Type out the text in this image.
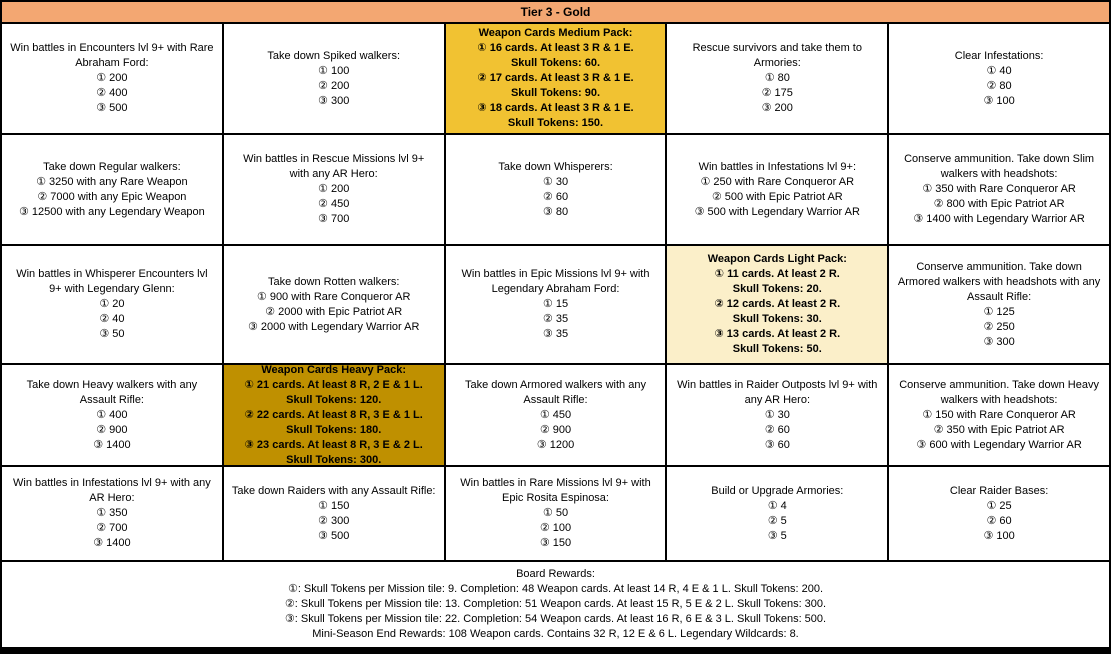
Tier 3 - Gold
Win battles in Encounters lvl 9+ with Rare Abraham Ford:
① 200
② 400
③ 500
Take down Spiked walkers:
① 100
② 200
③ 300
Weapon Cards Medium Pack:
① 16 cards. At least 3 R & 1 E.
Skull Tokens: 60.
② 17 cards. At least 3 R & 1 E.
Skull Tokens: 90.
③ 18 cards. At least 3 R & 1 E.
Skull Tokens: 150.
Rescue survivors and take them to Armories:
① 80
② 175
③ 200
Clear Infestations:
① 40
② 80
③ 100
Take down Regular walkers:
① 3250 with any Rare Weapon
② 7000 with any Epic Weapon
③ 12500 with any Legendary Weapon
Win battles in Rescue Missions lvl 9+ with any AR Hero:
① 200
② 450
③ 700
Take down Whisperers:
① 30
② 60
③ 80
Win battles in Infestations lvl 9+:
① 250 with Rare Conqueror AR
② 500 with Epic Patriot AR
③ 500 with Legendary Warrior AR
Conserve ammunition. Take down Slim walkers with headshots:
① 350 with Rare Conqueror AR
② 800 with Epic Patriot AR
③ 1400 with Legendary Warrior AR
Win battles in Whisperer Encounters lvl 9+ with Legendary Glenn:
① 20
② 40
③ 50
Take down Rotten walkers:
① 900 with Rare Conqueror AR
② 2000 with Epic Patriot AR
③ 2000 with Legendary Warrior AR
Win battles in Epic Missions lvl 9+ with Legendary Abraham Ford:
① 15
② 35
③ 35
Weapon Cards Light Pack:
① 11 cards. At least 2 R.
Skull Tokens: 20.
② 12 cards. At least 2 R.
Skull Tokens: 30.
③ 13 cards. At least 2 R.
Skull Tokens: 50.
Conserve ammunition. Take down Armored walkers with headshots with any Assault Rifle:
① 125
② 250
③ 300
Take down Heavy walkers with any Assault Rifle:
① 400
② 900
③ 1400
Weapon Cards Heavy Pack:
① 21 cards. At least 8 R, 2 E & 1 L.
Skull Tokens: 120.
② 22 cards. At least 8 R, 3 E & 1 L.
Skull Tokens: 180.
③ 23 cards. At least 8 R, 3 E & 2 L.
Skull Tokens: 300.
Take down Armored walkers with any Assault Rifle:
① 450
② 900
③ 1200
Win battles in Raider Outposts lvl 9+ with any AR Hero:
① 30
② 60
③ 60
Conserve ammunition. Take down Heavy walkers with headshots:
① 150 with Rare Conqueror AR
② 350 with Epic Patriot AR
③ 600 with Legendary Warrior AR
Win battles in Infestations lvl 9+ with any AR Hero:
① 350
② 700
③ 1400
Take down Raiders with any Assault Rifle:
① 150
② 300
③ 500
Win battles in Rare Missions lvl 9+ with Epic Rosita Espinosa:
① 50
② 100
③ 150
Build or Upgrade Armories:
① 4
② 5
③ 5
Clear Raider Bases:
① 25
② 60
③ 100
Board Rewards:
①: Skull Tokens per Mission tile: 9. Completion: 48 Weapon cards. At least 14 R, 4 E & 1 L. Skull Tokens: 200.
②: Skull Tokens per Mission tile: 13. Completion: 51 Weapon cards. At least 15 R, 5 E & 2 L. Skull Tokens: 300.
③: Skull Tokens per Mission tile: 22. Completion: 54 Weapon cards. At least 16 R, 6 E & 3 L. Skull Tokens: 500.
Mini-Season End Rewards: 108 Weapon cards. Contains 32 R, 12 E & 6 L. Legendary Wildcards: 8.
